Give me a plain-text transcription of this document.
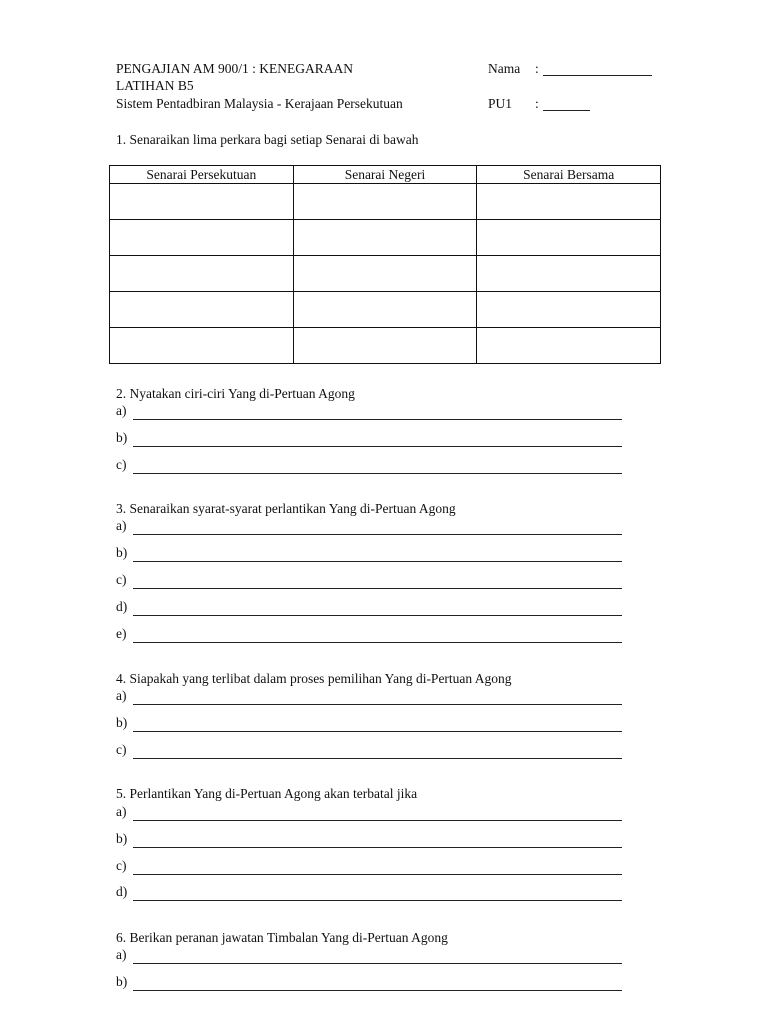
PENGAJIAN AM 900/1 : KENEGARAAN
LATIHAN B5
Sistem Pentadbiran Malaysia - Kerajaan Persekutuan
Nama :
PU1 :
1. Senaraikan lima perkara bagi setiap Senarai di bawah
Senarai Persekutuan	Senarai Negeri	Senarai Bersama

2. Nyatakan ciri-ciri Yang di-Pertuan Agong
a)
b)
c)
3. Senaraikan syarat-syarat perlantikan Yang di-Pertuan Agong
a)
b)
c)
d)
e)
4. Siapakah yang terlibat dalam proses pemilihan Yang di-Pertuan Agong
a)
b)
c)
5. Perlantikan Yang di-Pertuan Agong akan terbatal jika
a)
b)
c)
d)
6. Berikan peranan jawatan Timbalan Yang di-Pertuan Agong
a)
b)
